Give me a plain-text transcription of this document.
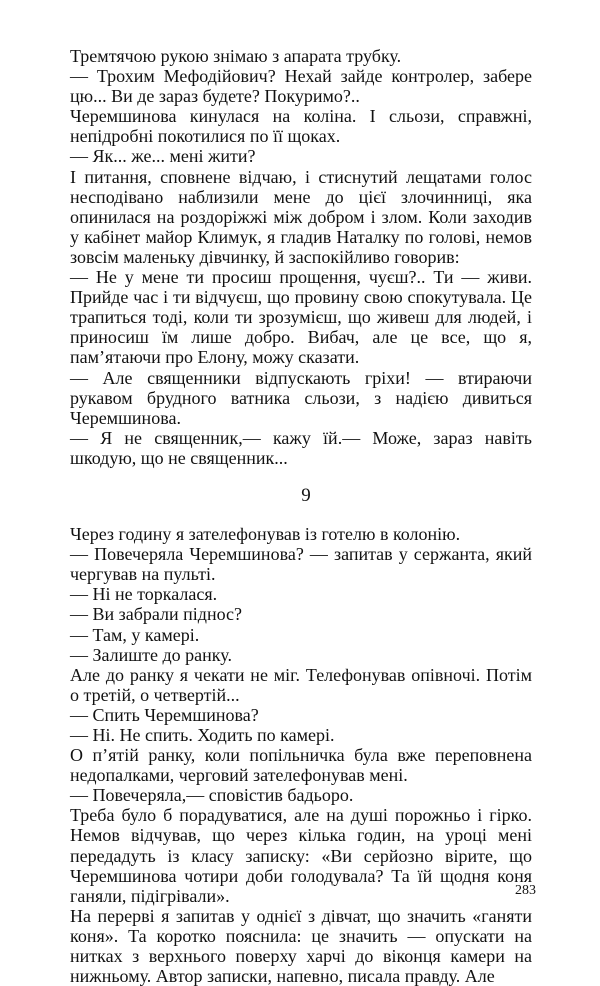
Тремтячою рукою знімаю з апарата трубку.

— Трохим Мефодійович? Нехай зайде контролер, забере цю... Ви де зараз будете? Покуримо?..

Черемшинова кинулася на коліна. І сльози, справжні, непідробні покотилися по її щоках.

— Як... же... мені жити?

І питання, сповнене відчаю, і стиснутий лещатами голос несподівано наблизили мене до цієї злочинниці, яка опинилася на роздоріжжі між добром і злом. Коли заходив у кабінет майор Климук, я гладив Наталку по голові, немов зовсім маленьку дівчинку, й заспокійливо говорив:

— Не у мене ти просиш прощення, чуєш?.. Ти — живи. Прийде час і ти відчуєш, що провину свою спокутувала. Це трапиться тоді, коли ти зрозумієш, що живеш для людей, і приносиш їм лише добро. Вибач, але це все, що я, пам’ятаючи про Елону, можу сказати.

— Але священники відпускають гріхи! — втираючи рукавом брудного ватника сльози, з надією дивиться Черемшинова.

— Я не священник,— кажу їй.— Може, зараз навіть шкодую, що не священник...

9

Через годину я зателефонував із готелю в колонію.

— Повечеряла Черемшинова? — запитав у сержанта, який чергував на пульті.

— Ні не торкалася.

— Ви забрали піднос?

— Там, у камері.

— Залиште до ранку.

Але до ранку я чекати не міг. Телефонував опівночі. Потім о третій, о четвертій...

— Спить Черемшинова?

— Ні. Не спить. Ходить по камері.

О п’ятій ранку, коли попільничка була вже переповнена недопалками, черговий зателефонував мені.

— Повечеряла,— сповістив бадьоро.

Треба було б порадуватися, але на душі порожньо і гірко. Немов відчував, що через кілька годин, на уроці мені передадуть із класу записку: «Ви серйозно вірите, що Черемшинова чотири доби голодувала? Та їй щодня коня ганяли, підігрівали».

На перерві я запитав у однієї з дівчат, що значить «ганяти коня». Та коротко пояснила: це значить — опускати на нитках з верхнього поверху харчі до віконця камери на нижньому. Автор записки, напевно, писала правду. Але

283
